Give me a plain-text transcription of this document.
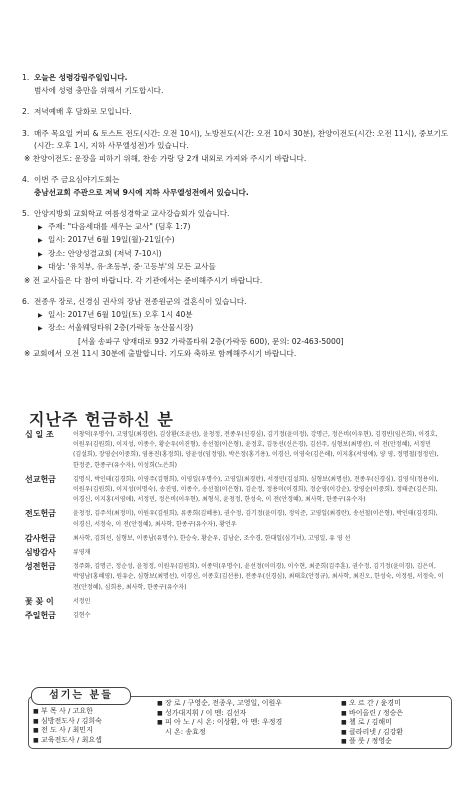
1. 오늘은 성령강림주일입니다.
범사에 성령 충만을 위해서 기도합시다.
2. 저녁예배 후 담화로 모입니다.
3. 매주 목요일 커피 & 토스트 전도(시간: 오전 10시), 노방전도(시간: 오전 10시 30분), 찬양이전도(시간: 오전 11시), 중보기도(시간: 오후 1시, 지하 사무엘성전)가 있습니다.
※ 찬양이전도: 운장을 피하기 위해, 찬송 가랑 당 2개 내외로 가져와 주시기 바랍니다.
4. 이번 주 금요심야기도회는
충남선교회 주관으로 저녁 9시에 지하 사무엘성전에서 있습니다.
5. 안양지방회 교회학교 여름성경학교 교사강습회가 있습니다.
▶ 주제: "다음세대를 세우는 교사" (딤후 1:7)
▶ 일시: 2017년 6월 19일(월)-21일(수)
▶ 장소: 안양성결교회 (저녁 7-10시)
▶ 대상: '유치부, 유·초등부, 중·고등부'의 모든 교사들
※ 전 교사들은 다 참여 바랍니다. 각 기관에서는 준비해주시기 바랍니다.
6. 전종우 장로, 신경심 권사의 장남 전종원군의 결혼식이 있습니다.
▶ 일시: 2017년 6월 10일(토) 오후 1시 40분
▶ 장소: 서울웨딩타워 2층(가락동 농산물시장)
[서울 송파구 양재대로 932 가락몰타워 2층(가락동 600), 문의: 02-463-5000]
※ 교회에서 오전 11시 30분에 출발합니다. 기도와 축하로 함께해주시기 바랍니다.
지난주 헌금하신 분
십 일 조	이창덕(우명수), 고영일(최경란), 김상환(조윤선), 윤청정, 전종우(신경심), 김기정(윤미정), 강명근, 정은비(이우현), 김경빈(임은희), 이경호, 이원우(김원희), 이지성, 이종수, 황순우(이진형), 송선철(이은형), 윤정호, 김동선(신은경), 김선주, 심형보(최명선), 이 전(안정혜), 서정민(김설희), 장영순(이중희), 염용진(홍정희), 양윤성(임정영), 박은정(홍기용), 이경신, 이영숙(김은해), 이지홍(서영애), 양 영, 정명철(정정인), 한정준, 한종구(유수자), 이성희(노은희)
선교헌금	김명식, 박인태(김경희), 이영주(김형희), 이영일(우명수), 고영일(최경란), 서정민(김설희), 심형보(최명선), 전종우(신경심), 김영식(정용이), 이원우(김원희), 이지성(이명숙), 송진영, 이종수, 송선철(이은형), 김순정, 정용미(이경희), 정순영(이강순), 장영순(이중희), 정태준(김은희), 이경신, 이지홍(서영애), 서정민, 정은비(이우현), 최형식, 윤청정, 한성숙, 이 전(안정혜), 최사학, 한종구(유수자)
전도헌금	윤청정, 김주석(최정미), 이원우(김원희), 류종희(김혜용), 권수정, 김기정(윤미경), 정익준, 고영일(최경란), 송선철(이은형), 박인태(김경희), 이경신, 서정숙, 이 전(안정혜), 최사학, 한종구(유수자), 황언우
감사헌금	최사학, 김희선, 심형보, 이종남(유명수), 한승숙, 황순우, 김남순, 조수경, 한대일(심기녀), 고영일, 유 영 선
심방감사	류영재
성전헌금	정주화, 김명근, 정순성, 윤청정, 이원우(김원희), 이종덕(우명수), 윤선정(이미경), 이수현, 최준희(김주훈), 권수정, 김기정(윤미경), 김은미, 박영남(홍혜영), 원유순, 심형보(최명선), 이경신, 이종호(김선용), 전종우(신경심), 최태호(안정규), 최사학, 최진오, 한성숙, 이정원, 서정숙, 이 전(안정혜), 심희용, 최사학, 한종구(유수자)
꽃 꽂 이	서정민
주일헌금	김현수
■ 부 목 사 / 고요한
■ 심방전도사 / 김희숙
■ 전 도 사 / 최민지
■ 교육전도사 / 최요셉
■ 장 로 / 구영순, 전종우, 고영일, 이원우
■ 성가대지휘 / 이 멘: 김선자
■ 피 아 노 / 시 온: 이상환, 아 멘: 우정경
시 온: 송효정
■ 오 르 간 / 윤경미
■ 바이올린 / 정승은
■ 첼 로 / 김해미
■ 클라리넷 / 김강환
■ 플 룻 / 정영순
섬기는 분들
